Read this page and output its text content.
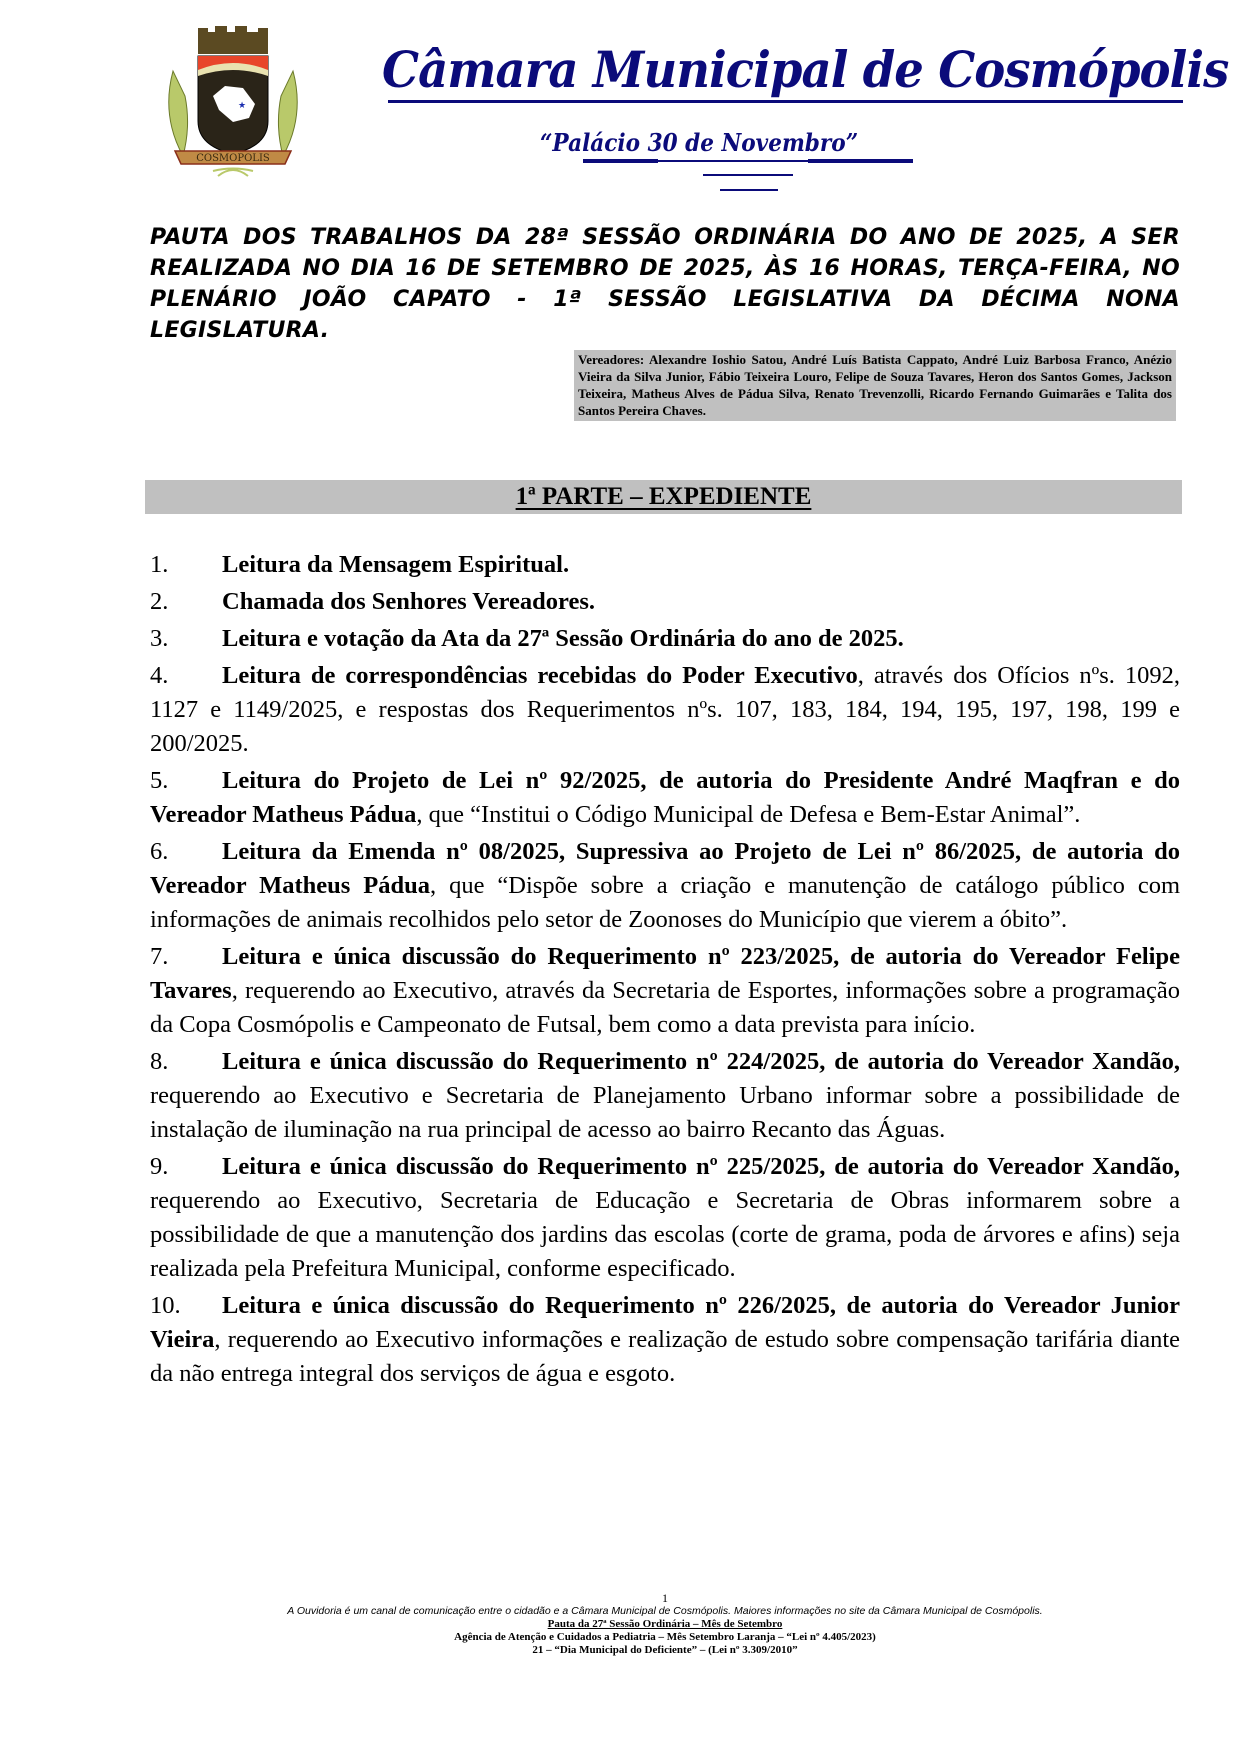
★
COSMOPOLIS
Câmara Municipal de Cosmópolis
“Palácio 30 de Novembro”
PAUTA DOS TRABALHOS DA 28ª SESSÃO ORDINÁRIA DO ANO DE 2025, A SER REALIZADA NO DIA 16 DE SETEMBRO DE 2025, ÀS 16 HORAS, TERÇA-FEIRA, NO PLENÁRIO JOÃO CAPATO - 1ª SESSÃO LEGISLATIVA DA DÉCIMA NONA LEGISLATURA.
Vereadores: Alexandre Ioshio Satou, André Luís Batista Cappato, André Luiz Barbosa Franco, Anézio Vieira da Silva Junior, Fábio Teixeira Louro, Felipe de Souza Tavares, Heron dos Santos Gomes, Jackson Teixeira, Matheus Alves de Pádua Silva, Renato Trevenzolli, Ricardo Fernando Guimarães e Talita dos Santos Pereira Chaves.
1ª PARTE – EXPEDIENTE
1. Leitura da Mensagem Espiritual.
2. Chamada dos Senhores Vereadores.
3. Leitura e votação da Ata da 27ª Sessão Ordinária do ano de 2025.
4. Leitura de correspondências recebidas do Poder Executivo, através dos Ofícios nºs. 1092, 1127 e 1149/2025, e respostas dos Requerimentos nºs. 107, 183, 184, 194, 195, 197, 198, 199 e 200/2025.
5. Leitura do Projeto de Lei nº 92/2025, de autoria do Presidente André Maqfran e do Vereador Matheus Pádua, que “Institui o Código Municipal de Defesa e Bem-Estar Animal”.
6. Leitura da Emenda nº 08/2025, Supressiva ao Projeto de Lei nº 86/2025, de autoria do Vereador Matheus Pádua, que “Dispõe sobre a criação e manutenção de catálogo público com informações de animais recolhidos pelo setor de Zoonoses do Município que vierem a óbito”.
7. Leitura e única discussão do Requerimento nº 223/2025, de autoria do Vereador Felipe Tavares, requerendo ao Executivo, através da Secretaria de Esportes, informações sobre a programação da Copa Cosmópolis e Campeonato de Futsal, bem como a data prevista para início.
8. Leitura e única discussão do Requerimento nº 224/2025, de autoria do Vereador Xandão, requerendo ao Executivo e Secretaria de Planejamento Urbano informar sobre a possibilidade de instalação de iluminação na rua principal de acesso ao bairro Recanto das Águas.
9. Leitura e única discussão do Requerimento nº 225/2025, de autoria do Vereador Xandão, requerendo ao Executivo, Secretaria de Educação e Secretaria de Obras informarem sobre a possibilidade de que a manutenção dos jardins das escolas (corte de grama, poda de árvores e afins) seja realizada pela Prefeitura Municipal, conforme especificado.
10. Leitura e única discussão do Requerimento nº 226/2025, de autoria do Vereador Junior Vieira, requerendo ao Executivo informações e realização de estudo sobre compensação tarifária diante da não entrega integral dos serviços de água e esgoto.
1
A Ouvidoria é um canal de comunicação entre o cidadão e a Câmara Municipal de Cosmópolis. Maiores informações no site da Câmara Municipal de Cosmópolis.
Pauta da 27ª Sessão Ordinária – Mês de Setembro
Agência de Atenção e Cuidados a Pediatria – Mês Setembro Laranja – “Lei nº 4.405/2023)
21 – “Dia Municipal do Deficiente” – (Lei nº 3.309/2010”
